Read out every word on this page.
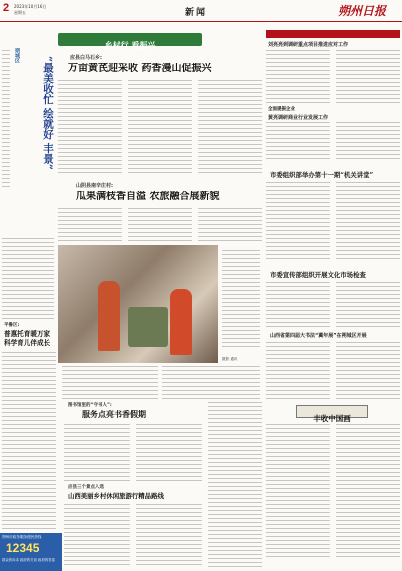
2 2023年10月16日
星期五	新闻	朔州日报
乡村行 看振兴
朔城区
“最美收忙 绘就好 丰景”	应县白马石乡:
万亩黄芪迎采收 药香漫山促振兴
山阴县南辛庄村:
瓜果满枝香自溢 农旅融合展新貌
摄影 通讯
刘亮亮到调研重点项目推进应对工作
全面提振企业
黄亮调研商业行业发展工作
市委组织部举办第十一期“机关讲堂”
市委宣传部组织开展文化市场检查
山西省第四届大书法“翼年展”在朔城区开展
丰收中国画
平鲁区:
普惠托育暖万家 科学育儿伴成长
朔州市政务服务便民热线
12345
群众的诉求 政府的关切 政府的答卷
图书馆里的“守书人”:
服务点亮书香假期
应县三个景点入选
山西美丽乡村休闲旅游行精品路线
